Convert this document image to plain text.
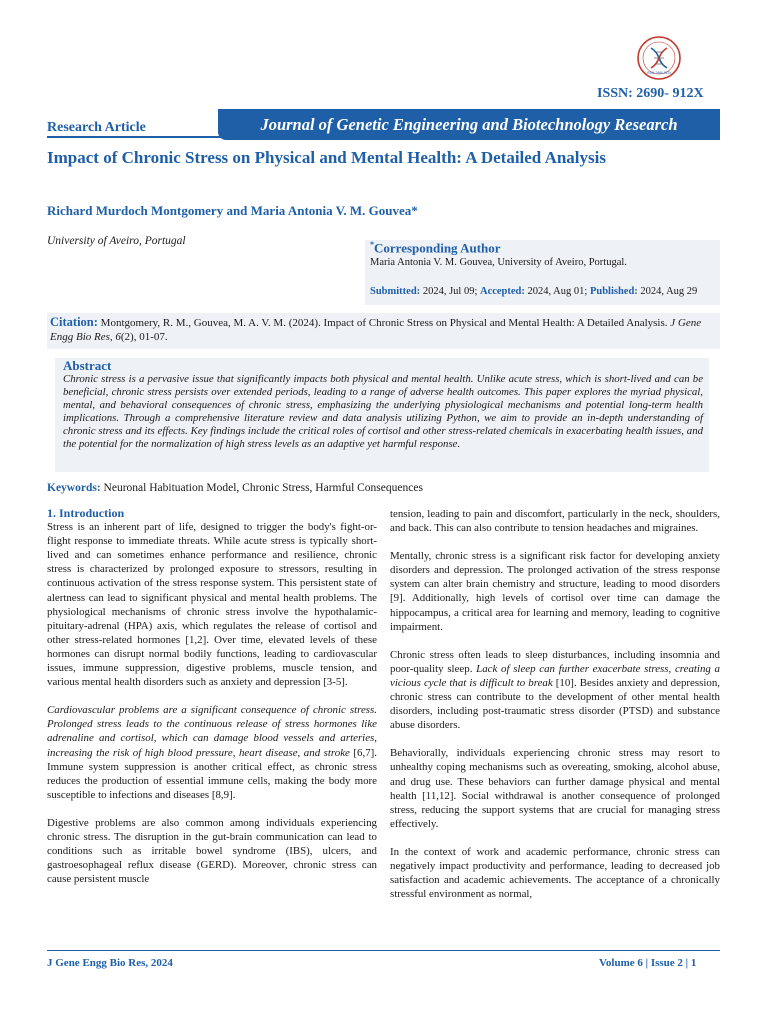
ISSN: 2690-912X
ISSN: 2690- 912X
Journal of Genetic Engineering and Biotechnology Research
Research Article
Impact of Chronic Stress on Physical and Mental Health: A Detailed Analysis
Richard Murdoch Montgomery and Maria Antonia V. M. Gouvea*
University of Aveiro, Portugal	*Corresponding Author
Maria Antonia V. M. Gouvea, University of Aveiro, Portugal.
Submitted: 2024, Jul 09; Accepted: 2024, Aug 01; Published: 2024, Aug 29
Citation: Montgomery, R. M., Gouvea, M. A. V. M. (2024). Impact of Chronic Stress on Physical and Mental Health: A Detailed Analysis. J Gene Engg Bio Res, 6(2), 01-07.
Abstract
Chronic stress is a pervasive issue that significantly impacts both physical and mental health. Unlike acute stress, which is short-lived and can be beneficial, chronic stress persists over extended periods, leading to a range of adverse health outcomes. This paper explores the myriad physical, mental, and behavioral consequences of chronic stress, emphasizing the underlying physiological mechanisms and potential long-term health implications. Through a comprehensive literature review and data analysis utilizing Python, we aim to provide an in-depth understanding of chronic stress and its effects. Key findings include the critical roles of cortisol and other stress-related chemicals in exacerbating health issues, and the potential for the normalization of high stress levels as an adaptive yet harmful response.
Keywords: Neuronal Habituation Model, Chronic Stress, Harmful Consequences
1. Introduction

Stress is an inherent part of life, designed to trigger the body's fight-or-flight response to immediate threats. While acute stress is typically short-lived and can sometimes enhance performance and resilience, chronic stress is characterized by prolonged exposure to stressors, resulting in continuous activation of the stress response system. This persistent state of alertness can lead to significant physical and mental health problems. The physiological mechanisms of chronic stress involve the hypothalamic-pituitary-adrenal (HPA) axis, which regulates the release of cortisol and other stress-related hormones [1,2]. Over time, elevated levels of these hormones can disrupt normal bodily functions, leading to cardiovascular issues, immune suppression, digestive problems, muscle tension, and various mental health disorders such as anxiety and depression [3-5].

Cardiovascular problems are a significant consequence of chronic stress. Prolonged stress leads to the continuous release of stress hormones like adrenaline and cortisol, which can damage blood vessels and arteries, increasing the risk of high blood pressure, heart disease, and stroke [6,7]. Immune system suppression is another critical effect, as chronic stress reduces the production of essential immune cells, making the body more susceptible to infections and diseases [8,9].

Digestive problems are also common among individuals experiencing chronic stress. The disruption in the gut-brain communication can lead to conditions such as irritable bowel syndrome (IBS), ulcers, and gastroesophageal reflux disease (GERD). Moreover, chronic stress can cause persistent muscle

tension, leading to pain and discomfort, particularly in the neck, shoulders, and back. This can also contribute to tension headaches and migraines.

Mentally, chronic stress is a significant risk factor for developing anxiety disorders and depression. The prolonged activation of the stress response system can alter brain chemistry and structure, leading to mood disorders [9]. Additionally, high levels of cortisol over time can damage the hippocampus, a critical area for learning and memory, leading to cognitive impairment.

Chronic stress often leads to sleep disturbances, including insomnia and poor-quality sleep. Lack of sleep can further exacerbate stress, creating a vicious cycle that is difficult to break [10]. Besides anxiety and depression, chronic stress can contribute to the development of other mental health disorders, including post-traumatic stress disorder (PTSD) and substance abuse disorders.

Behaviorally, individuals experiencing chronic stress may resort to unhealthy coping mechanisms such as overeating, smoking, alcohol abuse, and drug use. These behaviors can further damage physical and mental health [11,12]. Social withdrawal is another consequence of prolonged stress, reducing the support systems that are crucial for managing stress effectively.

In the context of work and academic performance, chronic stress can negatively impact productivity and performance, leading to decreased job satisfaction and academic achievements. The acceptance of a chronically stressful environment as normal,

J Gene Engg Bio Res, 2024	Volume 6 | Issue 2 | 1
